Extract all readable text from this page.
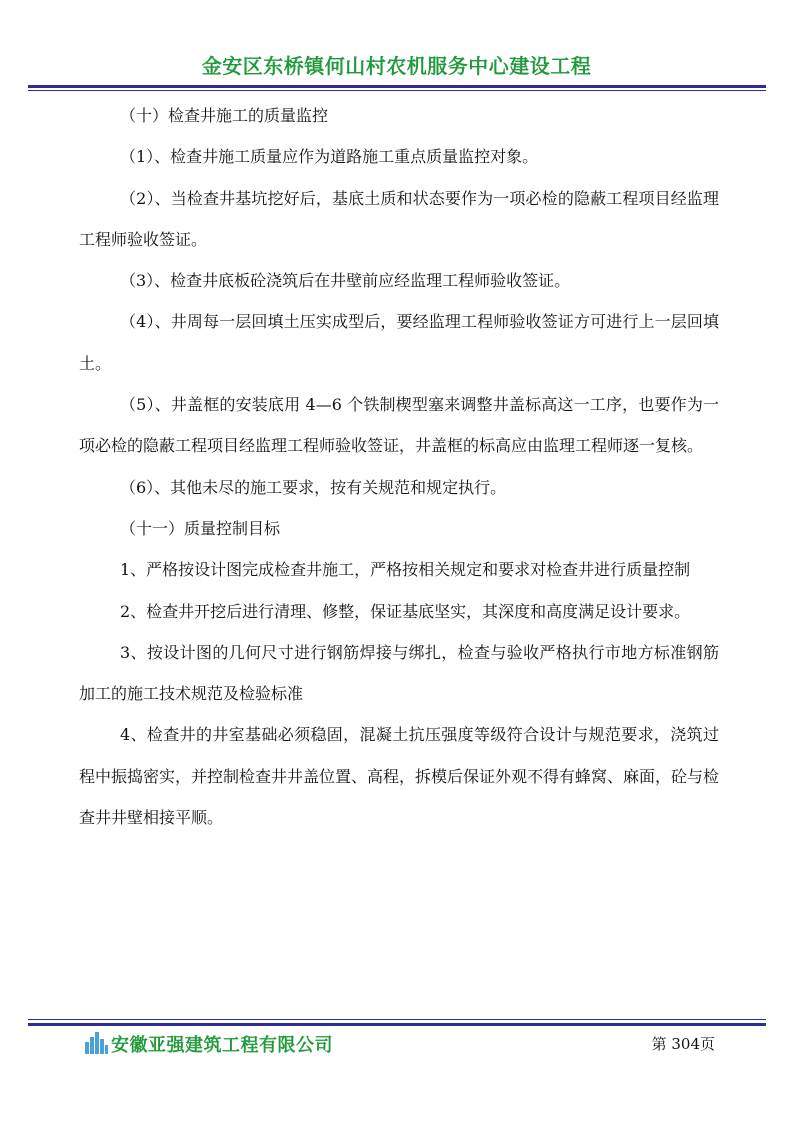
金安区东桥镇何山村农机服务中心建设工程

（十）检查井施工的质量监控

（1）、检查井施工质量应作为道路施工重点质量监控对象。

（2）、当检查井基坑挖好后，基底土质和状态要作为一项必检的隐蔽工程项目经监理工程师验收签证。

（3）、检查井底板砼浇筑后在井壁前应经监理工程师验收签证。

（4）、井周每一层回填土压实成型后，要经监理工程师验收签证方可进行上一层回填土。

（5）、井盖框的安装底用 4—6 个铁制楔型塞来调整井盖标高这一工序，也要作为一项必检的隐蔽工程项目经监理工程师验收签证，井盖框的标高应由监理工程师逐一复核。

（6）、其他未尽的施工要求，按有关规范和规定执行。

（十一）质量控制目标

1、严格按设计图完成检查井施工，严格按相关规定和要求对检查井进行质量控制

2、检查井开挖后进行清理、修整，保证基底坚实，其深度和高度满足设计要求。

3、按设计图的几何尺寸进行钢筋焊接与绑扎，检查与验收严格执行市地方标准钢筋加工的施工技术规范及检验标准

4、检查井的井室基础必须稳固，混凝土抗压强度等级符合设计与规范要求，浇筑过程中振捣密实，并控制检查井井盖位置、高程，拆模后保证外观不得有蜂窝、麻面，砼与检查井井壁相接平顺。

安徽亚强建筑工程有限公司	第 304页
